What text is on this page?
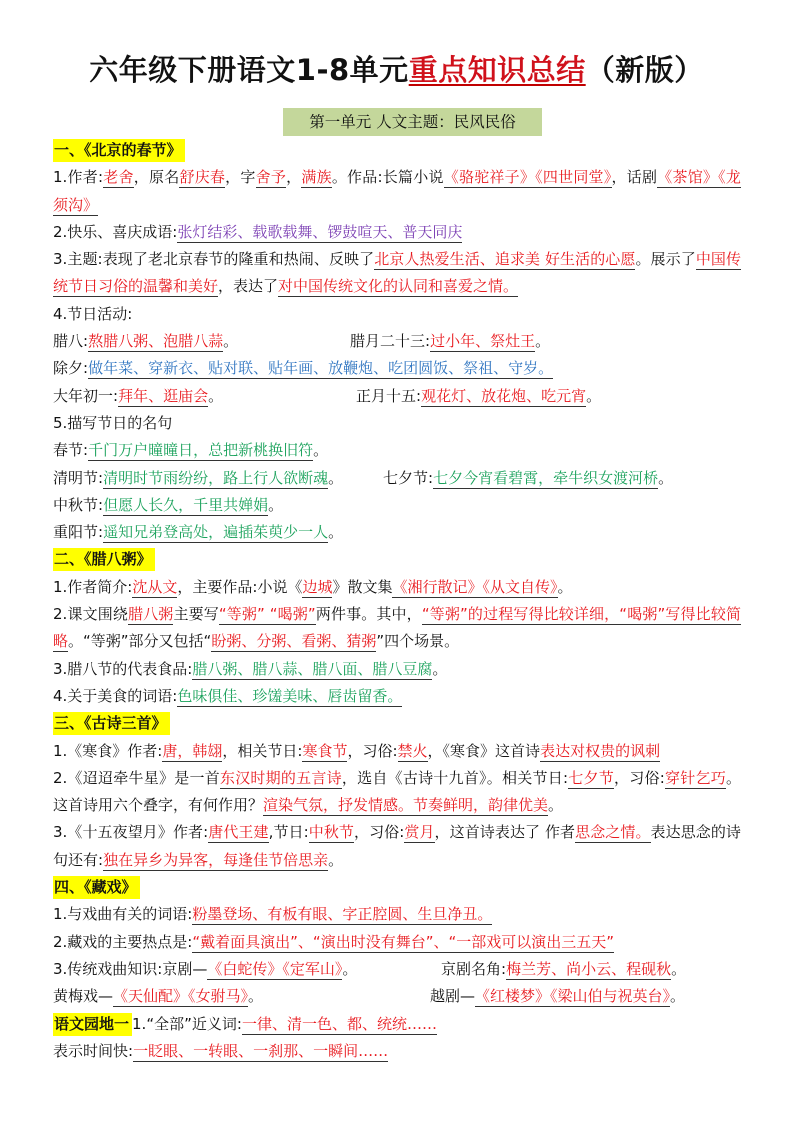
六年级下册语文1-8单元重点知识总结（新版）
第一单元 人文主题：民风民俗
一、《北京的春节》
1.作者:老舍，原名舒庆春，字舍予，满族。作品:长篇小说《骆驼祥子》《四世同堂》，话剧《茶馆》《龙须沟》
2.快乐、喜庆成语:张灯结彩、载歌载舞、锣鼓喧天、普天同庆
3.主题:表现了老北京春节的隆重和热闹、反映了北京人热爱生活、追求美 好生活的心愿。展示了中国传统节日习俗的温馨和美好，表达了对中国传统文化的认同和喜爱之情。
4.节日活动:
腊八:熬腊八粥、泡腊八蒜。	腊月二十三:过小年、祭灶王。
除夕:做年菜、穿新衣、贴对联、贴年画、放鞭炮、吃团圆饭、祭祖、守岁。
大年初一:拜年、逛庙会。	正月十五:观花灯、放花炮、吃元宵。
5.描写节日的名句
春节:千门万户曈曈日，总把新桃换旧符。
清明节:清明时节雨纷纷，路上行人欲断魂。	七夕节:七夕今宵看碧霄，牵牛织女渡河桥。
中秋节:但愿人长久，千里共婵娟。
重阳节:遥知兄弟登高处，遍插茱萸少一人。
二、《腊八粥》
1.作者简介:沈从文，主要作品:小说《边城》散文集《湘行散记》《从文自传》。
2.课文围绕腊八粥主要写“等粥” “喝粥”两件事。其中，“等粥”的过程写得比较详细，“喝粥”写得比较简略。“等粥”部分又包括“盼粥、分粥、看粥、猜粥”四个场景。
3.腊八节的代表食品:腊八粥、腊八蒜、腊八面、腊八豆腐。
4.关于美食的词语:色味俱佳、珍馐美味、唇齿留香。
三、《古诗三首》
1.《寒食》作者:唐，韩翃，相关节日:寒食节，习俗:禁火，《寒食》这首诗表达对权贵的讽刺
2.《迢迢牵牛星》是一首东汉时期的五言诗，选自《古诗十九首》。相关节日:七夕节，习俗:穿针乞巧。这首诗用六个叠字，有何作用？渲染气氛，抒发情感。节奏鲜明，韵律优美。
3.《十五夜望月》作者:唐代王建,节日:中秋节，习俗:赏月，这首诗表达了 作者思念之情。表达思念的诗句还有:独在异乡为异客，每逢佳节倍思亲。
四、《藏戏》
1.与戏曲有关的词语:粉墨登场、有板有眼、字正腔圆、生旦净丑。
2.藏戏的主要热点是:“戴着面具演出”、“演出时没有舞台”、“一部戏可以演出三五天”
3.传统戏曲知识:京剧—《白蛇传》《定军山》。	京剧名角:梅兰芳、尚小云、程砚秋。
黄梅戏—《天仙配》《女驸马》。	越剧—《红楼梦》《梁山伯与祝英台》。
语文园地一 1.“全部”近义词:一律、清一色、都、统统……
表示时间快:一眨眼、一转眼、一刹那、一瞬间……
